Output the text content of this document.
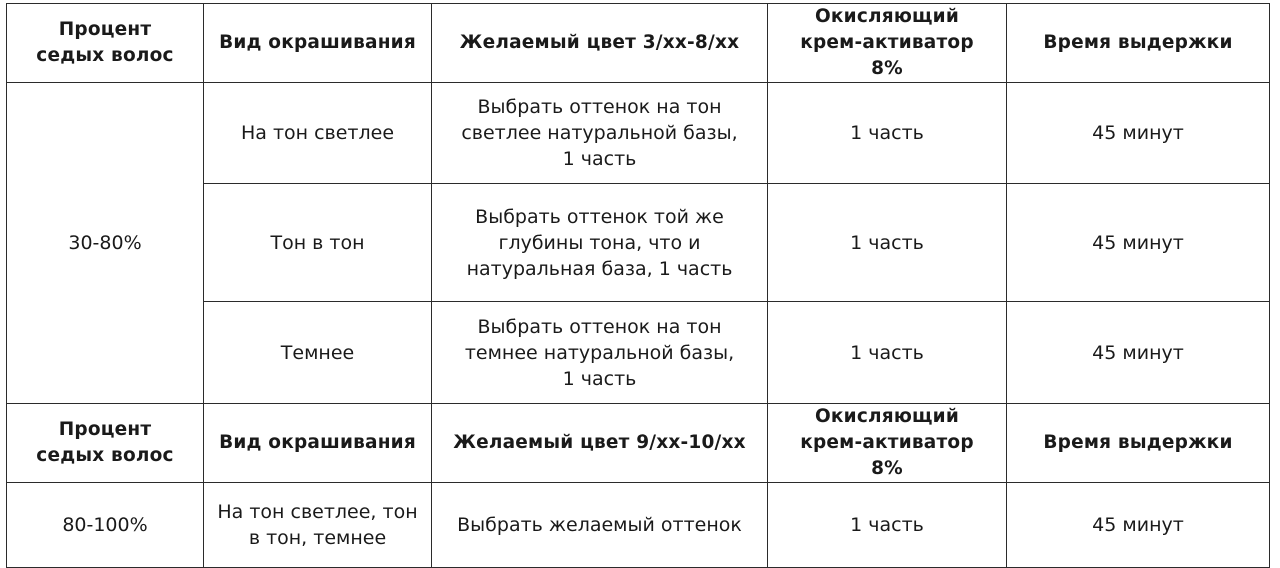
Процент седых волос	Вид окрашивания	Желаемый цвет 3/хх-8/хх	Окисляющий крем-активатор 8%	Время выдержки
30-80%	На тон светлее	Выбрать оттенок на тон светлее натуральной базы, 1 часть	1 часть	45 минут
	Тон в тон	Выбрать оттенок той же глубины тона, что и натуральная база, 1 часть	1 часть	45 минут
	Темнее	Выбрать оттенок на тон темнее натуральной базы, 1 часть	1 часть	45 минут
Процент седых волос	Вид окрашивания	Желаемый цвет 9/хх-10/хх	Окисляющий крем-активатор 8%	Время выдержки
80-100%	На тон светлее, тон в тон, темнее	Выбрать желаемый оттенок	1 часть	45 минут
